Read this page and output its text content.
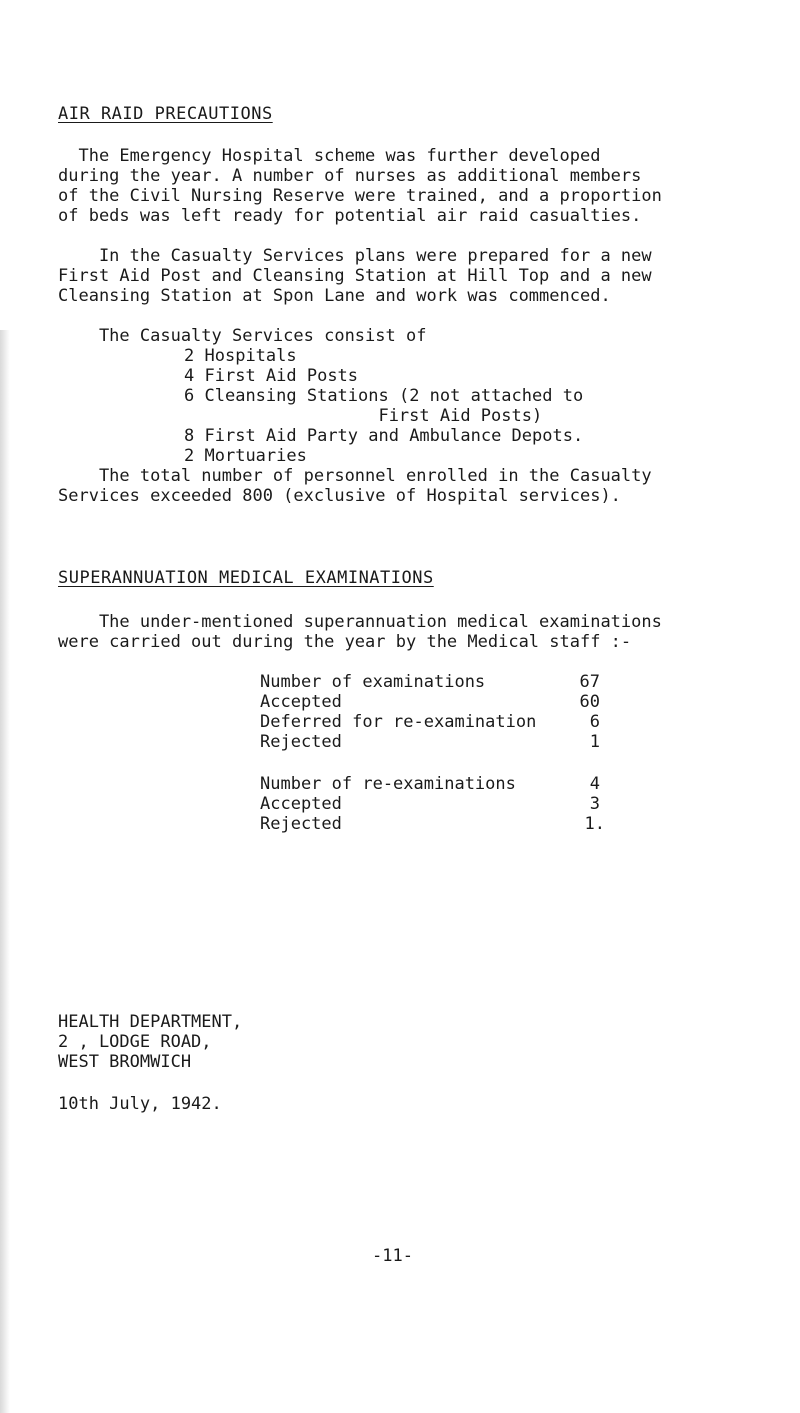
AIR RAID PRECAUTIONS
The Emergency Hospital scheme was further developed
during the year. A number of nurses as additional members
of the Civil Nursing Reserve were trained, and a proportion
of beds was left ready for potential air raid casualties.
In the Casualty Services plans were prepared for a new
First Aid Post and Cleansing Station at Hill Top and a new
Cleansing Station at Spon Lane and work was commenced.
The Casualty Services consist of
2 Hospitals
4 First Aid Posts
6 Cleansing Stations (2 not attached to
First Aid Posts)
8 First Aid Party and Ambulance Depots.
2 Mortuaries
The total number of personnel enrolled in the Casualty
Services exceeded 800 (exclusive of Hospital services).
SUPERANNUATION MEDICAL EXAMINATIONS
The under-mentioned superannuation medical examinations
were carried out during the year by the Medical staff :-
Number of examinations	67
Accepted	60
Deferred for re-examination	6
Rejected	1
Number of re-examinations	4
Accepted	3
Rejected	1.
HEALTH DEPARTMENT,
2 , LODGE ROAD,
WEST BROMWICH
10th July, 1942.
-11-
